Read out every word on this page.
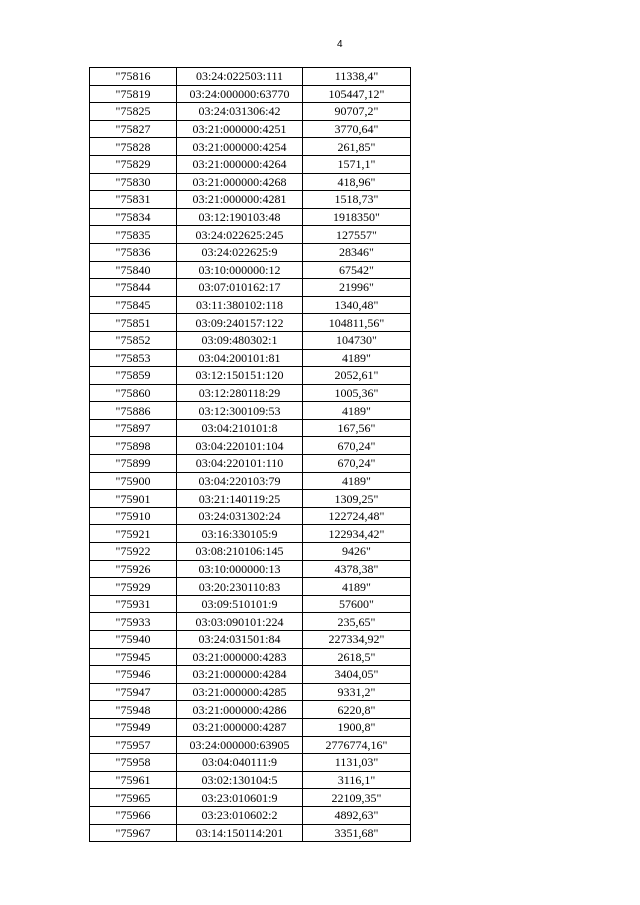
4
"75816	03:24:022503:111	11338,4"
"75819	03:24:000000:63770	105447,12"
"75825	03:24:031306:42	90707,2"
"75827	03:21:000000:4251	3770,64"
"75828	03:21:000000:4254	261,85"
"75829	03:21:000000:4264	1571,1"
"75830	03:21:000000:4268	418,96"
"75831	03:21:000000:4281	1518,73"
"75834	03:12:190103:48	1918350"
"75835	03:24:022625:245	127557"
"75836	03:24:022625:9	28346"
"75840	03:10:000000:12	67542"
"75844	03:07:010162:17	21996"
"75845	03:11:380102:118	1340,48"
"75851	03:09:240157:122	104811,56"
"75852	03:09:480302:1	104730"
"75853	03:04:200101:81	4189"
"75859	03:12:150151:120	2052,61"
"75860	03:12:280118:29	1005,36"
"75886	03:12:300109:53	4189"
"75897	03:04:210101:8	167,56"
"75898	03:04:220101:104	670,24"
"75899	03:04:220101:110	670,24"
"75900	03:04:220103:79	4189"
"75901	03:21:140119:25	1309,25"
"75910	03:24:031302:24	122724,48"
"75921	03:16:330105:9	122934,42"
"75922	03:08:210106:145	9426"
"75926	03:10:000000:13	4378,38"
"75929	03:20:230110:83	4189"
"75931	03:09:510101:9	57600"
"75933	03:03:090101:224	235,65"
"75940	03:24:031501:84	227334,92"
"75945	03:21:000000:4283	2618,5"
"75946	03:21:000000:4284	3404,05"
"75947	03:21:000000:4285	9331,2"
"75948	03:21:000000:4286	6220,8"
"75949	03:21:000000:4287	1900,8"
"75957	03:24:000000:63905	2776774,16"
"75958	03:04:040111:9	1131,03"
"75961	03:02:130104:5	3116,1"
"75965	03:23:010601:9	22109,35"
"75966	03:23:010602:2	4892,63"
"75967	03:14:150114:201	3351,68"
